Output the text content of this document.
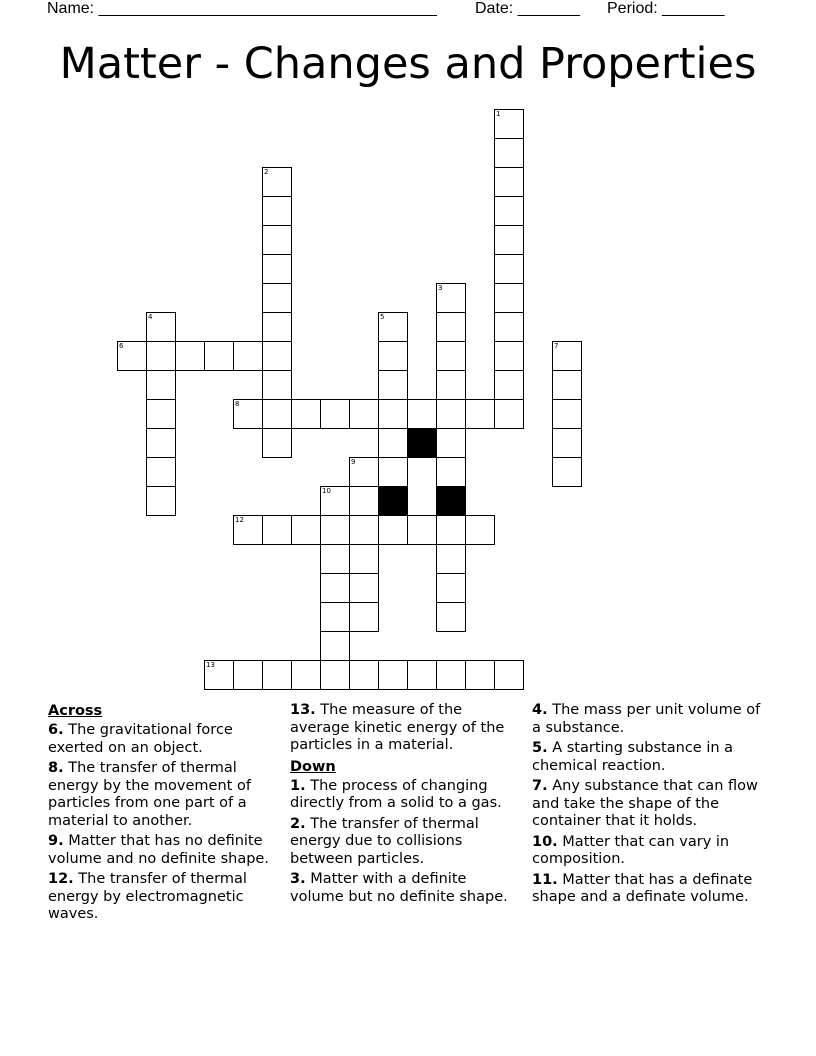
Name: ______________________________________ Date: _______ Period: _______
Matter - Changes and Properties
1
2
3
4	5
6	7
8
9
10
12
13
Across
6. The gravitational force exerted on an object.
8. The transfer of thermal energy by the movement of particles from one part of a material to another.
9. Matter that has no definite volume and no definite shape.
12. The transfer of thermal energy by electromagnetic waves.
13. The measure of the average kinetic energy of the particles in a material.
Down
1. The process of changing directly from a solid to a gas.
2. The transfer of thermal energy due to collisions between particles.
3. Matter with a definite volume but no definite shape.
4. The mass per unit volume of a substance.
5. A starting substance in a chemical reaction.
7. Any substance that can flow and take the shape of the container that it holds.
10. Matter that can vary in composition.
11. Matter that has a definate shape and a definate volume.
